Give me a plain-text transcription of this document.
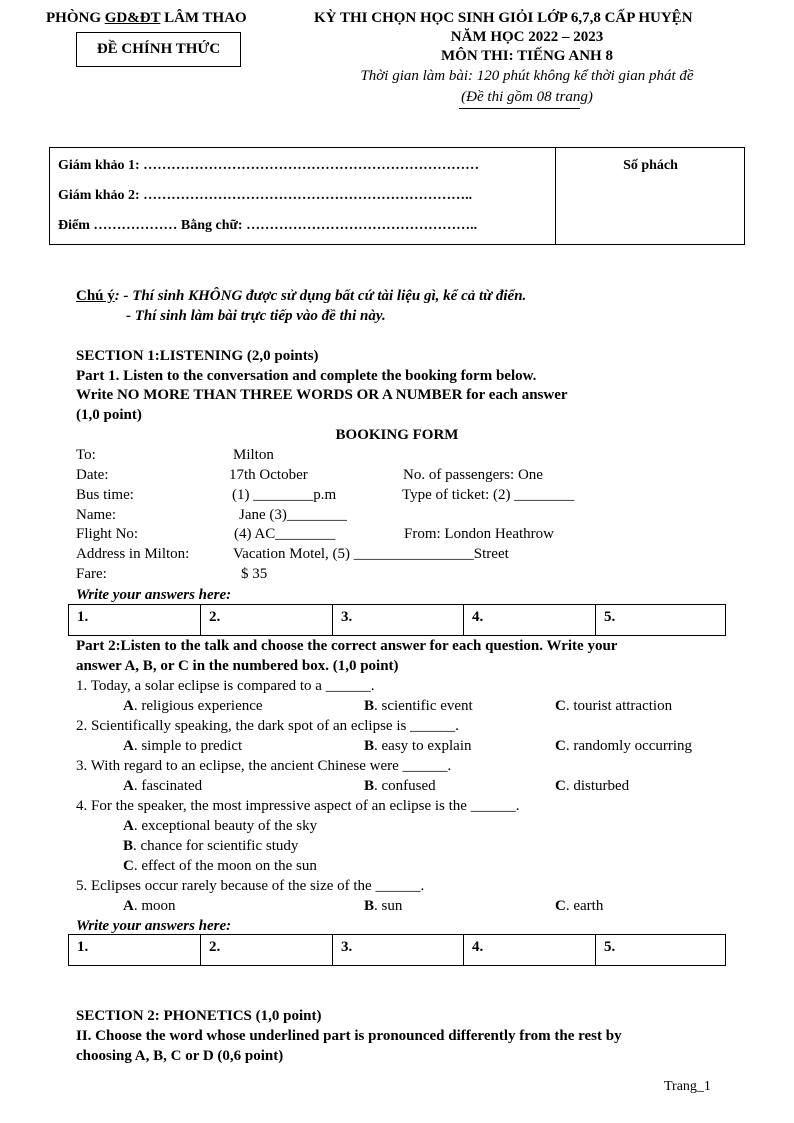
PHÒNG GD&ĐT LÂM THAO
ĐỀ CHÍNH THỨC
KỲ THI CHỌN HỌC SINH GIỎI LỚP 6,7,8 CẤP HUYỆN
NĂM HỌC 2022 – 2023
MÔN THI: TIẾNG ANH 8
Thời gian làm bài: 120 phút không kể thời gian phát đề
(Đề thi gồm 08 trang)
Giám khảo 1: ………………………………………………………………
Giám khảo 2: ……………………………………………………………..
Điểm ……………… Bằng chữ: …………………………………………..
Số phách
Chú ý: - Thí sinh KHÔNG được sử dụng bất cứ tài liệu gì, kể cả từ điển.
- Thí sinh làm bài trực tiếp vào đề thi này.
SECTION 1:LISTENING (2,0 points)
Part 1. Listen to the conversation and complete the booking form below.
Write NO MORE THAN THREE WORDS OR A NUMBER for each answer
(1,0 point)
BOOKING FORM
To:	Milton
Date:	17th October	No. of passengers: One
Bus time:	(1) ________p.m	Type of ticket: (2) ________
Name:	Jane (3)________
Flight No:	(4) AC________	From: London Heathrow
Address in Milton:	Vacation Motel, (5) ________________Street
Fare:	$ 35
Write your answers here:
1.	2.	3.	4.	5.
Part 2:Listen to the talk and choose the correct answer for each question. Write your
answer A, B, or C in the numbered box. (1,0 point)
1. Today, a solar eclipse is compared to a ______.
A. religious experience	B. scientific event	C. tourist attraction
2. Scientifically speaking, the dark spot of an eclipse is ______.
A. simple to predict	B. easy to explain	C. randomly occurring
3. With regard to an eclipse, the ancient Chinese were ______.
A. fascinated	B. confused	C. disturbed
4. For the speaker, the most impressive aspect of an eclipse is the ______.
A. exceptional beauty of the sky
B. chance for scientific study
C. effect of the moon on the sun
5. Eclipses occur rarely because of the size of the ______.
A. moon	B. sun	C. earth
Write your answers here:
1.	2.	3.	4.	5.
SECTION 2: PHONETICS (1,0 point)
II. Choose the word whose underlined part is pronounced differently from the rest by
choosing A, B, C or D (0,6 point)
Trang_1
